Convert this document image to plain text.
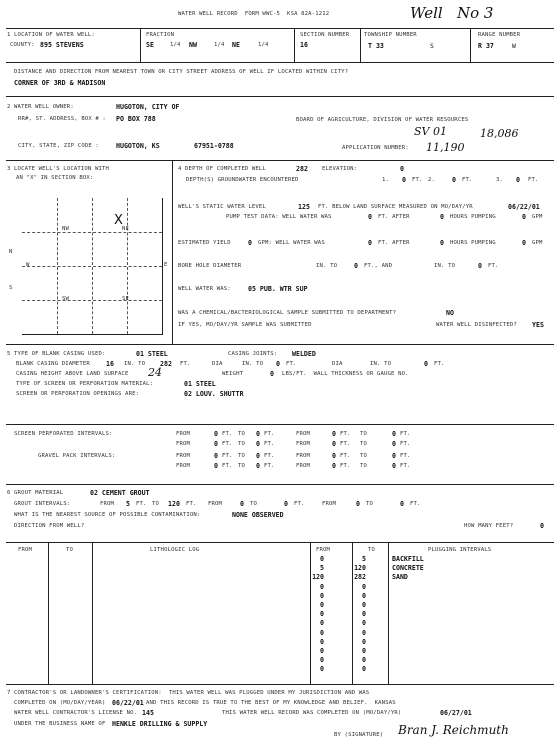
WATER WELL RECORD  FORM WWC-5  KSA 82A-1212	Well   No 3
1 LOCATION OF WATER WELL:
COUNTY: 895 STEVENS
FRACTION
SE	1/4 NW	1/4 NE	1/4
SECTION NUMBER
16
TOWNSHIP NUMBER
T 33	S
RANGE NUMBER
R 37	W
DISTANCE AND DIRECTION FROM NEAREST TOWN OR CITY STREET ADDRESS OF WELL IF LOCATED WITHIN CITY?
CORNER OF 3RD & MADISON
2 WATER WELL OWNER:	HUGOTON, CITY OF
RR#, ST. ADDRESS, BOX # : PO BOX 788	BOARD OF AGRICULTURE, DIVISION OF WATER RESOURCES
SV 01	18,086
CITY, STATE, ZIP CODE :	HUGOTON, KS	67951-0788	APPLICATION NUMBER: 11,190
3 LOCATE WELL'S LOCATION WITH
AN "X" IN SECTION BOX:
NW	NE
SW	SE
W	E
N
S
X
4 DEPTH OF COMPLETED WELL	282	ELEVATION:	0
DEPTH(S) GROUNDWATER ENCOUNTERED	1. 0 FT. 2.	0 FT.	3. 0 FT.
WELL'S STATIC WATER LEVEL	125 FT. BELOW LAND SURFACE MEASURED ON MO/DAY/YR	06/22/01
PUMP TEST DATA: WELL WATER WAS	0 FT. AFTER	0 HOURS PUMPING	0 GPM
ESTIMATED YIELD	0 GPM: WELL WATER WAS	0 FT. AFTER	0 HOURS PUMPING	0 GPM
BORE HOLE DIAMETER	IN. TO	0 FT., AND	IN. TO	0 FT.
WELL WATER WAS:	05 PUB. WTR SUP
WAS A CHEMICAL/BACTERIOLOGICAL SAMPLE SUBMITTED TO DEPARTMENT?	NO
IF YES, MO/DAY/YR SAMPLE WAS SUBMITTED	WATER WELL DISINFECTED? YES
5 TYPE OF BLANK CASING USED:	01 STEEL	CASING JOINTS: WELDED
BLANK CASING DIAMETER 16 IN. TO 282 FT.	DIA	IN. TO 0 FT.	DIA	IN. TO	0 FT.
CASING HEIGHT ABOVE LAND SURFACE 24	WEIGHT	0 LBS/FT.  WALL THICKNESS OR GAUGE NO.
TYPE OF SCREEN OR PERFORATION MATERIAL:	01 STEEL
SCREEN OR PERFORATION OPENINGS ARE:	02 LOUV. SHUTTR
SCREEN PERFORATED INTERVALS:
GRAVEL PACK INTERVALS:
FROM	0 FT. TO 0 FT.	FROM	0 FT. TO	0 FT.
FROM	0 FT. TO 0 FT.	FROM	0 FT. TO	0 FT.
FROM	0 FT. TO 0 FT.	FROM	0 FT. TO	0 FT.
FROM	0 FT. TO 0 FT.	FROM	0 FT. TO	0 FT.
6 GROUT MATERIAL	02 CEMENT GROUT
GROUT INTERVALS:	FROM 5 FT. TO 120 FT. FROM	0 TO	0 FT.	FROM	0 TO	0 FT.
WHAT IS THE NEAREST SOURCE OF POSSIBLE CONTAMINATION:	NONE OBSERVED
DIRECTION FROM WELL?	HOW MANY FEET?	0
FROM	TO	LITHOLOGIC LOG	FROM	TO	PLUGGING INTERVALS
0	5	BACKFILL
5	120	CONCRETE
120	282	SAND
0	0
0	0
0	0
0	0
0	0
0	0
0	0
0	0
0	0
0	0
7 CONTRACTOR'S OR LANDOWNER'S CERTIFICATION:  THIS WATER WELL WAS PLUGGED UNDER MY JURISDICTION AND WAS
COMPLETED ON (MO/DAY/YEAR) 06/22/01 AND THIS RECORD IS TRUE TO THE BEST OF MY KNOWLEDGE AND BELIEF.  KANSAS
WATER WELL CONTRACTOR'S LICENSE NO. 145	THIS WATER WELL RECORD WAS COMPLETED ON (MO/DAY/YR)	06/27/01
UNDER THE BUSINESS NAME OF HENKLE DRILLING & SUPPLY
BY (SIGNATURE) Bran J. Reichmuth
